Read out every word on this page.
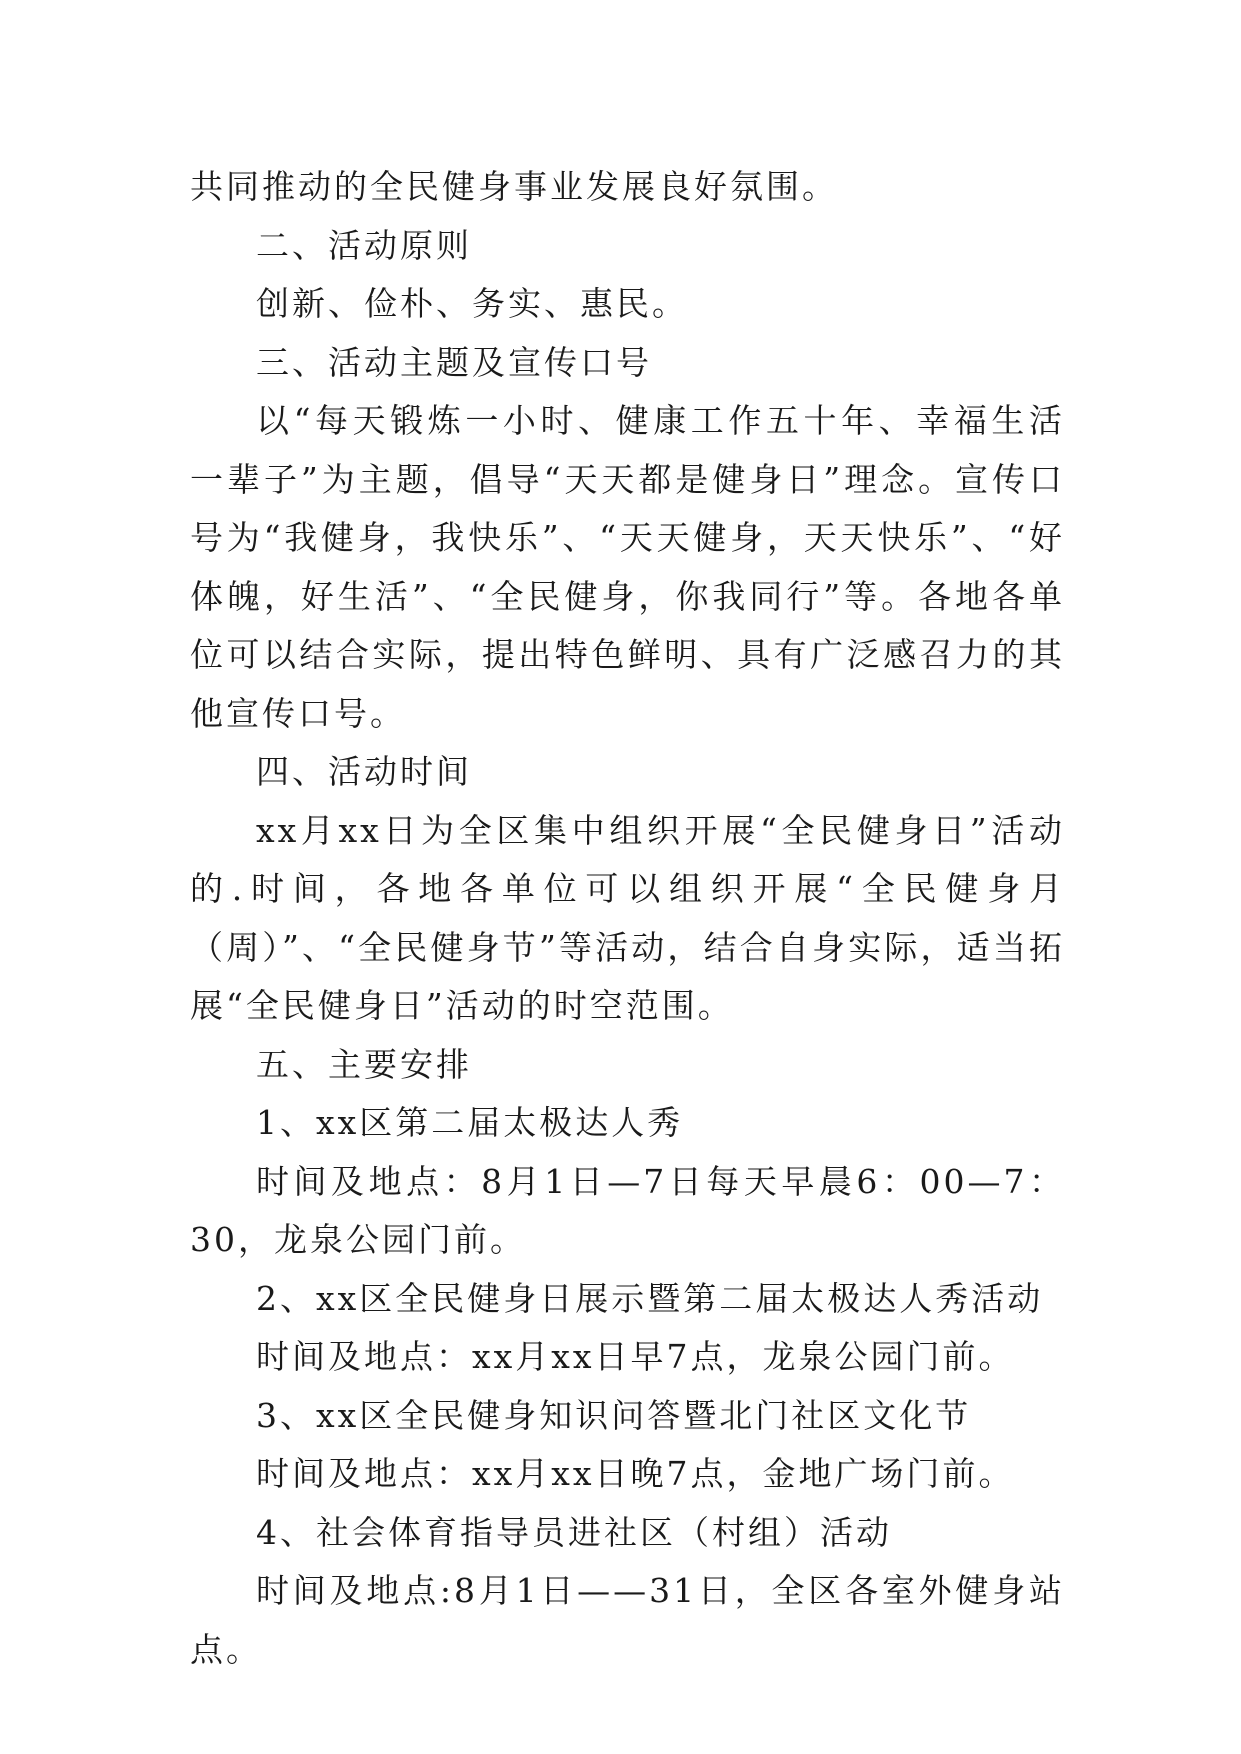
共同推动的全民健身事业发展良好氛围。

二、活动原则

创新、俭朴、务实、惠民。

三、活动主题及宣传口号

以“每天锻炼一小时、健康工作五十年、幸福生活一辈子”为主题，倡导“天天都是健身日”理念。宣传口号为“我健身，我快乐”、“天天健身，天天快乐”、“好体魄，好生活”、“全民健身，你我同行”等。各地各单位可以结合实际，提出特色鲜明、具有广泛感召力的其他宣传口号。

四、活动时间

xx月xx日为全区集中组织开展“全民健身日”活动的.时间，各地各单位可以组织开展“全民健身月（周）”、“全民健身节”等活动，结合自身实际，适当拓展“全民健身日”活动的时空范围。

五、主要安排

1、xx区第二届太极达人秀

时间及地点：8月1日—7日每天早晨6：00—7：30，龙泉公园门前。

2、xx区全民健身日展示暨第二届太极达人秀活动

时间及地点：xx月xx日早7点，龙泉公园门前。

3、xx区全民健身知识问答暨北门社区文化节

时间及地点：xx月xx日晚7点，金地广场门前。

4、社会体育指导员进社区（村组）活动

时间及地点:8月1日——31日，全区各室外健身站点。
